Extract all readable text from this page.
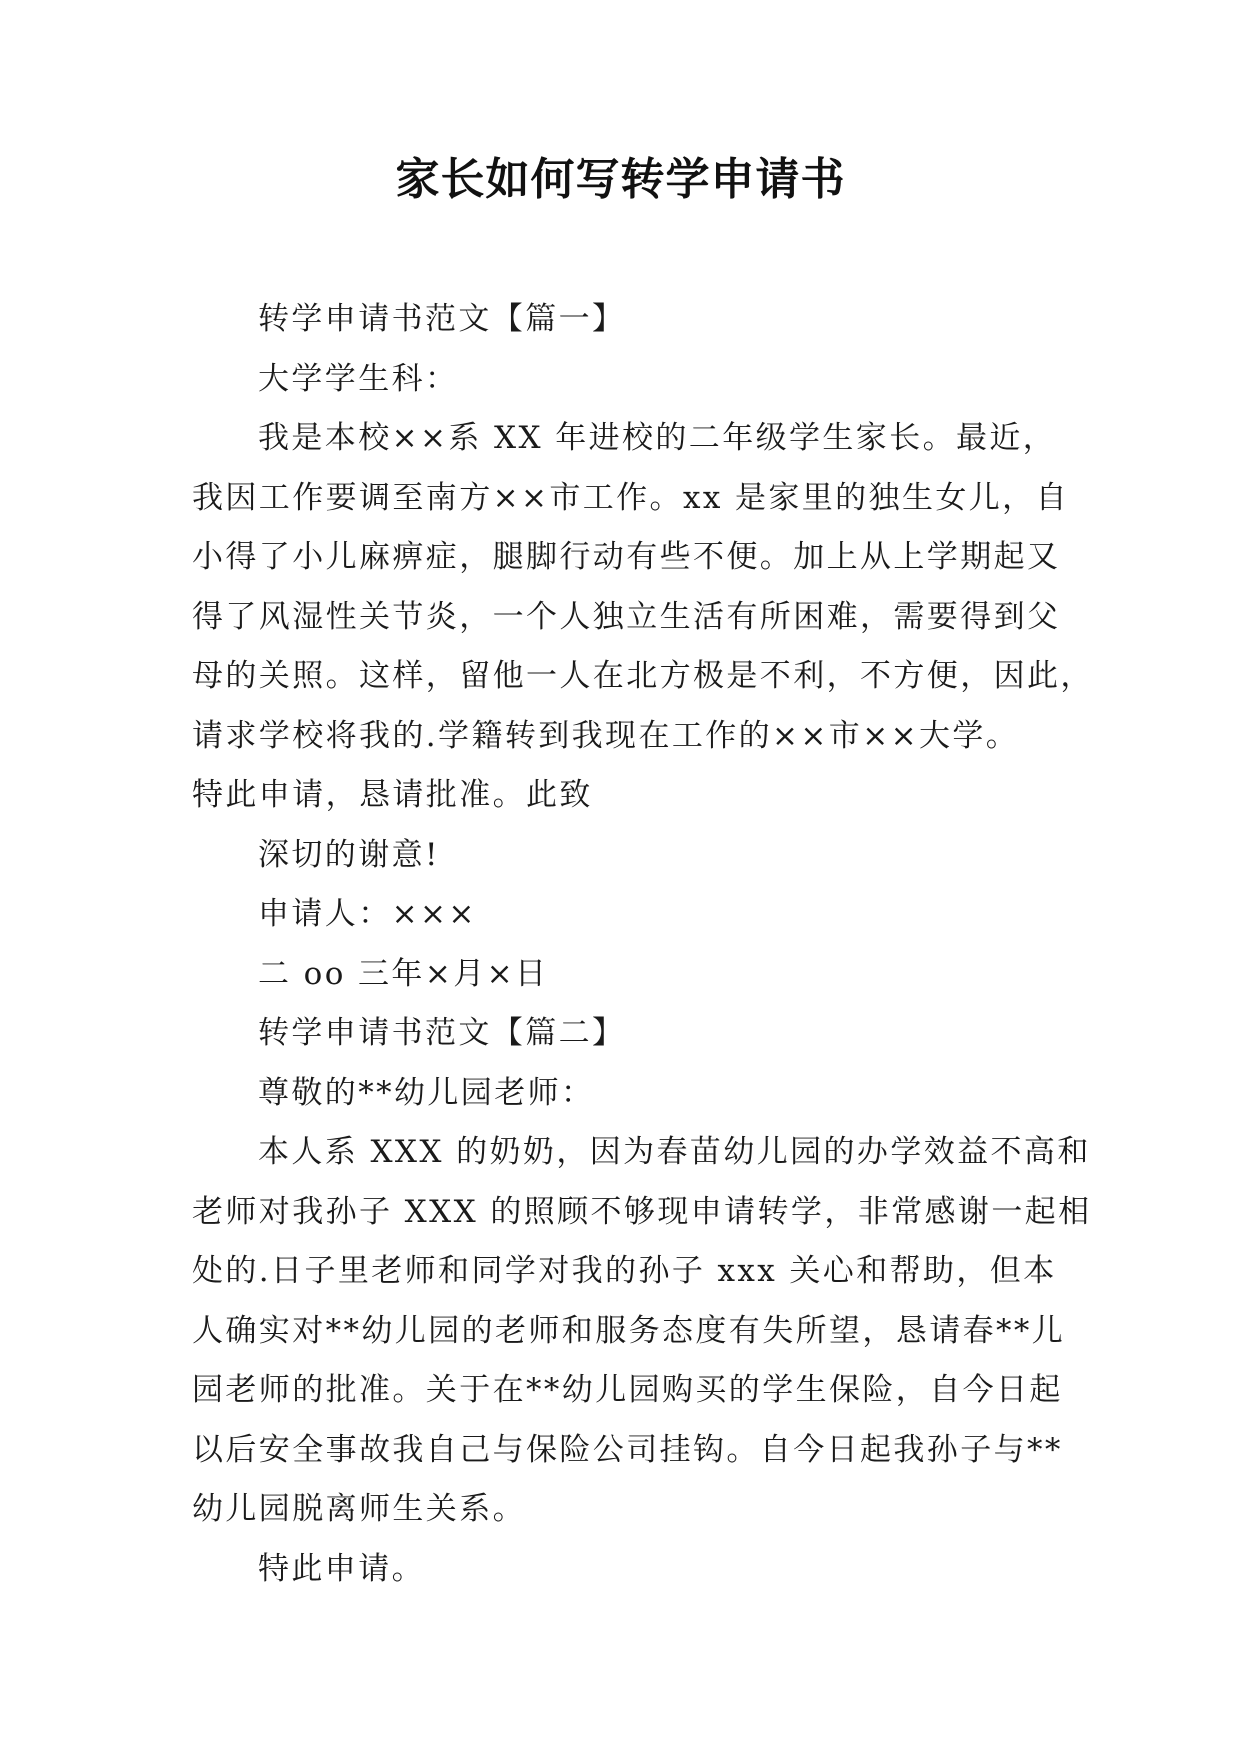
家长如何写转学申请书
转学申请书范文【篇一】
大学学生科：
我是本校××系 XX 年进校的二年级学生家长。最近，
我因工作要调至南方××市工作。xx 是家里的独生女儿，自
小得了小儿麻痹症，腿脚行动有些不便。加上从上学期起又
得了风湿性关节炎，一个人独立生活有所困难，需要得到父
母的关照。这样，留他一人在北方极是不利，不方便，因此，
请求学校将我的.学籍转到我现在工作的××市××大学。
特此申请，恳请批准。此致
深切的谢意!
申请人：×××
二 oo 三年×月×日
转学申请书范文【篇二】
尊敬的**幼儿园老师：
本人系 XXX 的奶奶，因为春苗幼儿园的办学效益不高和
老师对我孙子 XXX 的照顾不够现申请转学，非常感谢一起相
处的.日子里老师和同学对我的孙子 xxx 关心和帮助，但本
人确实对**幼儿园的老师和服务态度有失所望，恳请春**儿
园老师的批准。关于在**幼儿园购买的学生保险，自今日起
以后安全事故我自己与保险公司挂钩。自今日起我孙子与**
幼儿园脱离师生关系。
特此申请。
